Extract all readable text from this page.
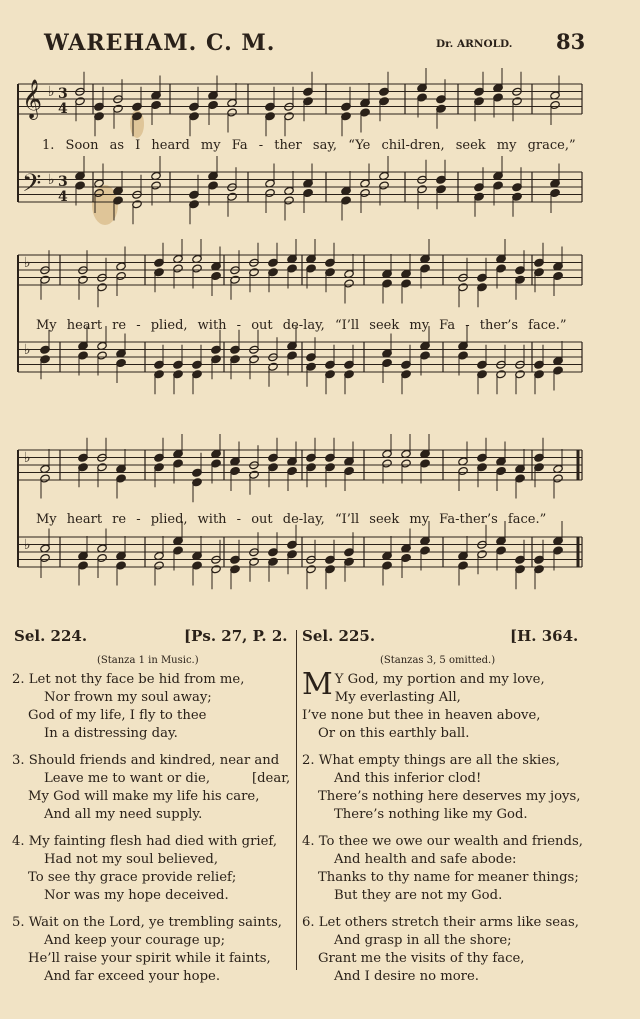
WAREHAM. C. M.	Dr. ARNOLD. 83
𝄞 ♭ 3
4
𝄢 ♭ 3
4
♭
♭
♭
♭
1. Soon as I heard my Fa - ther say, “Ye chil-dren, seek my grace,”
My heart re - plied, with - out de-lay, “I’ll seek my Fa - ther’s face.”
My heart re - plied, with - out de-lay, “I’ll seek my Fa-ther’s face.”
Sel. 224.	[Ps. 27, P. 2.
(Stanza 1 in Music.)
2. Let not thy face be hid from me,
Nor frown my soul away;
God of my life, I fly to thee
In a distressing day.
3. Should friends and kindred, near and
Leave me to want or die,          [dear,
My God will make my life his care,
And all my need supply.
4. My fainting flesh had died with grief,
Had not my soul believed,
To see thy grace provide relief;
Nor was my hope deceived.
5. Wait on the Lord, ye trembling saints,
And keep your courage up;
He’ll raise your spirit while it faints,
And far exceed your hope.
Sel. 225.	[H. 364.
(Stanzas 3, 5 omitted.)
M Y God, my portion and my love,
My everlasting All,
I’ve none but thee in heaven above,
Or on this earthly ball.
2. What empty things are all the skies,
And this inferior clod!
There’s nothing here deserves my joys,
There’s nothing like my God.
4. To thee we owe our wealth and friends,
And health and safe abode:
Thanks to thy name for meaner things;
But they are not my God.
6. Let others stretch their arms like seas,
And grasp in all the shore;
Grant me the visits of thy face,
And I desire no more.
